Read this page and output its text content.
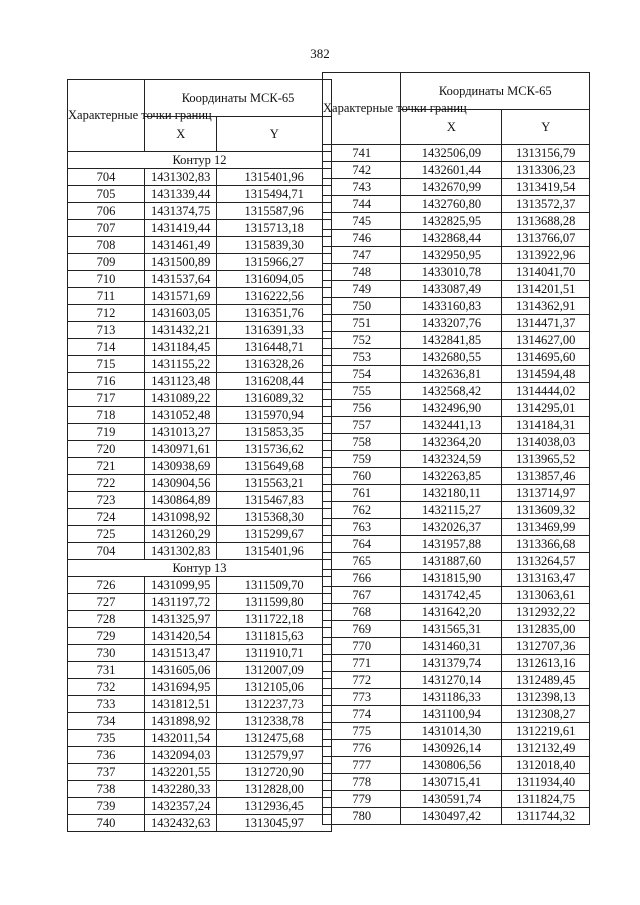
382
Характерные точки границ	Координаты МСК-65	
	X	Y
Контур 12		
704	1431302,83	1315401,96
705	1431339,44	1315494,71
706	1431374,75	1315587,96
707	1431419,44	1315713,18
708	1431461,49	1315839,30
709	1431500,89	1315966,27
710	1431537,64	1316094,05
711	1431571,69	1316222,56
712	1431603,05	1316351,76
713	1431432,21	1316391,33
714	1431184,45	1316448,71
715	1431155,22	1316328,26
716	1431123,48	1316208,44
717	1431089,22	1316089,32
718	1431052,48	1315970,94
719	1431013,27	1315853,35
720	1430971,61	1315736,62
721	1430938,69	1315649,68
722	1430904,56	1315563,21
723	1430864,89	1315467,83
724	1431098,92	1315368,30
725	1431260,29	1315299,67
704	1431302,83	1315401,96
Контур 13		
726	1431099,95	1311509,70
727	1431197,72	1311599,80
728	1431325,97	1311722,18
729	1431420,54	1311815,63
730	1431513,47	1311910,71
731	1431605,06	1312007,09
732	1431694,95	1312105,06
733	1431812,51	1312237,73
734	1431898,92	1312338,78
735	1432011,54	1312475,68
736	1432094,03	1312579,97
737	1432201,55	1312720,90
738	1432280,33	1312828,00
739	1432357,24	1312936,45
740	1432432,63	1313045,97
Характерные точки границ	Координаты МСК-65	
	X	Y
741	1432506,09	1313156,79
742	1432601,44	1313306,23
743	1432670,99	1313419,54
744	1432760,80	1313572,37
745	1432825,95	1313688,28
746	1432868,44	1313766,07
747	1432950,95	1313922,96
748	1433010,78	1314041,70
749	1433087,49	1314201,51
750	1433160,83	1314362,91
751	1433207,76	1314471,37
752	1432841,85	1314627,00
753	1432680,55	1314695,60
754	1432636,81	1314594,48
755	1432568,42	1314444,02
756	1432496,90	1314295,01
757	1432441,13	1314184,31
758	1432364,20	1314038,03
759	1432324,59	1313965,52
760	1432263,85	1313857,46
761	1432180,11	1313714,97
762	1432115,27	1313609,32
763	1432026,37	1313469,99
764	1431957,88	1313366,68
765	1431887,60	1313264,57
766	1431815,90	1313163,47
767	1431742,45	1313063,61
768	1431642,20	1312932,22
769	1431565,31	1312835,00
770	1431460,31	1312707,36
771	1431379,74	1312613,16
772	1431270,14	1312489,45
773	1431186,33	1312398,13
774	1431100,94	1312308,27
775	1431014,30	1312219,61
776	1430926,14	1312132,49
777	1430806,56	1312018,40
778	1430715,41	1311934,40
779	1430591,74	1311824,75
780	1430497,42	1311744,32
